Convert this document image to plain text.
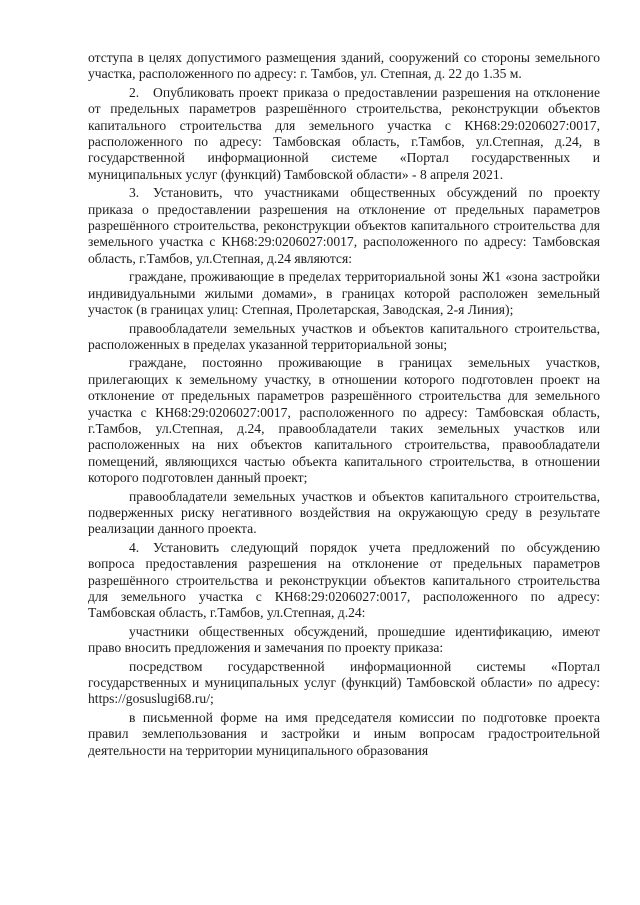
отступа в целях допустимого размещения зданий, сооружений со стороны земельного участка, расположенного по адресу: г. Тамбов, ул. Степная, д. 22 до 1.35 м.

2. Опубликовать проект приказа о предоставлении разрешения на отклонение от предельных параметров разрешённого строительства, реконструкции объектов капитального строительства для земельного участка с КН68:29:0206027:0017, расположенного по адресу: Тамбовская область, г.Тамбов, ул.Степная, д.24, в государственной информационной системе «Портал государственных и муниципальных услуг (функций) Тамбовской области» - 8 апреля 2021.

3. Установить, что участниками общественных обсуждений по проекту приказа о предоставлении разрешения на отклонение от предельных параметров разрешённого строительства, реконструкции объектов капитального строительства для земельного участка с КН68:29:0206027:0017, расположенного по адресу: Тамбовская область, г.Тамбов, ул.Степная, д.24 являются:

граждане, проживающие в пределах территориальной зоны Ж1 «зона застройки индивидуальными жилыми домами», в границах которой расположен земельный участок (в границах улиц: Степная, Пролетарская, Заводская, 2-я Линия);

правообладатели земельных участков и объектов капитального строительства, расположенных в пределах указанной территориальной зоны;

граждане, постоянно проживающие в границах земельных участков, прилегающих к земельному участку, в отношении которого подготовлен проект на отклонение от предельных параметров разрешённого строительства для земельного участка с КН68:29:0206027:0017, расположенного по адресу: Тамбовская область, г.Тамбов, ул.Степная, д.24, правообладатели таких земельных участков или расположенных на них объектов капитального строительства, правообладатели помещений, являющихся частью объекта капитального строительства, в отношении которого подготовлен данный проект;

правообладатели земельных участков и объектов капитального строительства, подверженных риску негативного воздействия на окружающую среду в результате реализации данного проекта.

4. Установить следующий порядок учета предложений по обсуждению вопроса предоставления разрешения на отклонение от предельных параметров разрешённого строительства и реконструкции объектов капитального строительства для земельного участка с КН68:29:0206027:0017, расположенного по адресу: Тамбовская область, г.Тамбов, ул.Степная, д.24:

участники общественных обсуждений, прошедшие идентификацию, имеют право вносить предложения и замечания по проекту приказа:

посредством государственной информационной системы «Портал государственных и муниципальных услуг (функций) Тамбовской области» по адресу: https://gosuslugi68.ru/;

в письменной форме на имя председателя комиссии по подготовке проекта правил землепользования и застройки и иным вопросам градостроительной деятельности на территории муниципального образования
